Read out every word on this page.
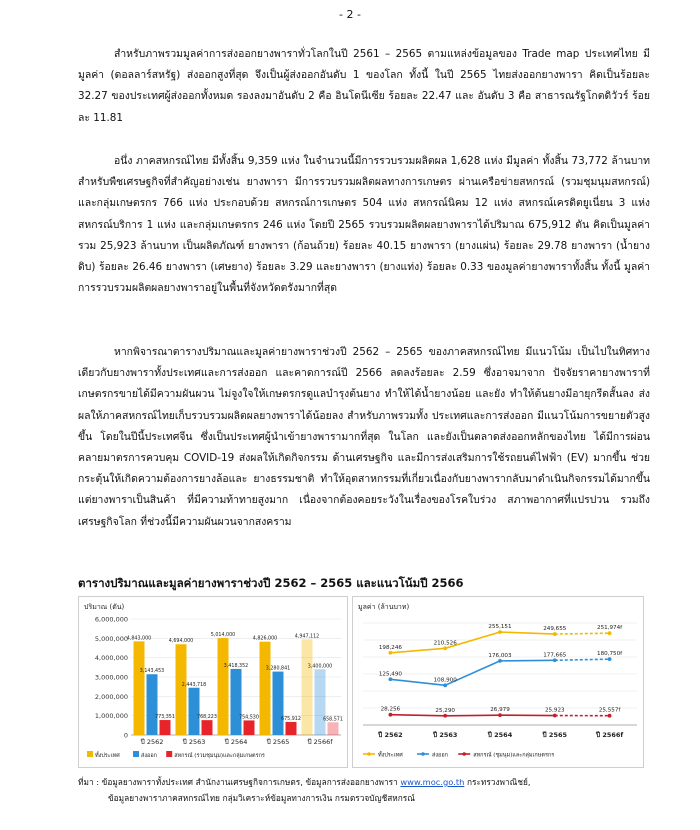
- 2 -

สำหรับภาพรวมมูลค่าการส่งออกยางพาราทั่วโลกในปี 2561 – 2565 ตามแหล่งข้อมูลของ Trade map ประเทศไทย มีมูลค่า (ดอลลาร์สหรัฐ) ส่งออกสูงที่สุด จึงเป็นผู้ส่งออกอันดับ 1 ของโลก ทั้งนี้ ในปี 2565 ไทยส่งออกยางพารา คิดเป็นร้อยละ 32.27 ของประเทศผู้ส่งออกทั้งหมด รองลงมาอันดับ 2 คือ อินโดนีเซีย ร้อยละ 22.47 และ อันดับ 3 คือ สาธารณรัฐโกตดิวัวร์ ร้อยละ 11.81

อนึ่ง ภาคสหกรณ์ไทย มีทั้งสิ้น 9,359 แห่ง ในจำนวนนี้มีการรวบรวมผลิตผล 1,628 แห่ง มีมูลค่า ทั้งสิ้น 73,772 ล้านบาท สำหรับพืชเศรษฐกิจที่สำคัญอย่างเช่น ยางพารา มีการรวบรวมผลิตผลทางการเกษตร ผ่านเครือข่ายสหกรณ์ (รวมชุมนุมสหกรณ์) และกลุ่มเกษตรกร 766 แห่ง ประกอบด้วย สหกรณ์การเกษตร 504 แห่ง สหกรณ์นิคม 12 แห่ง สหกรณ์เครดิตยูเนี่ยน 3 แห่ง สหกรณ์บริการ 1 แห่ง และกลุ่มเกษตรกร 246 แห่ง โดยปี 2565 รวบรวมผลิตผลยางพาราได้ปริมาณ 675,912 ตัน คิดเป็นมูลค่ารวม 25,923 ล้านบาท เป็นผลิตภัณฑ์ ยางพารา (ก้อนถ้วย) ร้อยละ 40.15 ยางพารา (ยางแผ่น) ร้อยละ 29.78 ยางพารา (น้ำยางดิบ) ร้อยละ 26.46 ยางพารา (เศษยาง) ร้อยละ 3.29 และยางพารา (ยางแท่ง) ร้อยละ 0.33 ของมูลค่ายางพาราทั้งสิ้น ทั้งนี้ มูลค่า การรวบรวมผลิตผลยางพาราอยู่ในพื้นที่จังหวัดตรังมากที่สุด

หากพิจารณาตารางปริมาณและมูลค่ายางพาราช่วงปี 2562 – 2565 ของภาคสหกรณ์ไทย มีแนวโน้ม เป็นไปในทิศทางเดียวกับยางพาราทั้งประเทศและการส่งออก และคาดการณ์ปี 2566 ลดลงร้อยละ 2.59 ซึ่งอาจมาจาก ปัจจัยราคายางพาราที่เกษตรกรขายได้มีความผันผวน ไม่จูงใจให้เกษตรกรดูแลบำรุงต้นยาง ทำให้ได้น้ำยางน้อย และยัง ทำให้ต้นยางมีอายุกรีดสั้นลง ส่งผลให้ภาคสหกรณ์ไทยเก็บรวบรวมผลิตผลยางพาราได้น้อยลง สำหรับภาพรวมทั้ง ประเทศและการส่งออก มีแนวโน้มการขยายตัวสูงขึ้น โดยในปีนี้ประเทศจีน ซึ่งเป็นประเทศผู้นำเข้ายางพารามากที่สุด ในโลก และยังเป็นตลาดส่งออกหลักของไทย ได้มีการผ่อนคลายมาตรการควบคุม COVID-19 ส่งผลให้เกิดกิจกรรม ด้านเศรษฐกิจ และมีการส่งเสริมการใช้รถยนต์ไฟฟ้า (EV) มากขึ้น ช่วยกระตุ้นให้เกิดความต้องการยางล้อและ ยางธรรมชาติ ทำให้อุตสาหกรรมที่เกี่ยวเนื่องกับยางพารากลับมาดำเนินกิจกรรมได้มากขึ้น แต่ยางพาราเป็นสินค้า ที่มีความท้าทายสูงมาก เนื่องจากต้องคอยระวังในเรื่องของโรคใบร่วง สภาพอากาศที่แปรปวน รวมถึงเศรษฐกิจโลก ที่ช่วงนี้มีความผันผวนจากสงคราม

ตารางปริมาณและมูลค่ายางพาราช่วงปี 2562 – 2565 และแนวโน้มปี 2566
ปริมาณ (ตัน)
0
1,000,000
2,000,000
3,000,000
4,000,000
5,000,000
6,000,000
4,843,000
3,143,453
773,351
ปี 2562
4,694,000
2,443,718
768,223
ปี 2563
5,014,000
3,418,352
754,530
ปี 2564
4,826,000
3,280,841
675,912
ปี 2565
4,947,112
3,400,000
658,571
ปี 2566f
ทั้งประเทศ	ส่งออก	สหกรณ์ (รวมชุมนุม)และกลุ่มเกษตรกร
มูลค่า (ล้านบาท)
ปี 2562	ปี 2563	ปี 2564	ปี 2565	ปี 2566f
198,246
210,526
255,151	249,655	251,974f
125,490
108,900
176,003	177,665	180,750f
28,256	25,290	26,979	25,923	25,557f
ทั้งประเทศ	ส่งออก	สหกรณ์ (ชุมนุม)และกลุ่มเกษตรกร
ที่มา : ข้อมูลยางพาราทั้งประเทศ สำนักงานเศรษฐกิจการเกษตร, ข้อมูลการส่งออกยางพารา www.moc.go.th กระทรวงพาณิชย์,
ข้อมูลยางพาราภาคสหกรณ์ไทย กลุ่มวิเคราะห์ข้อมูลทางการเงิน กรมตรวจบัญชีสหกรณ์
